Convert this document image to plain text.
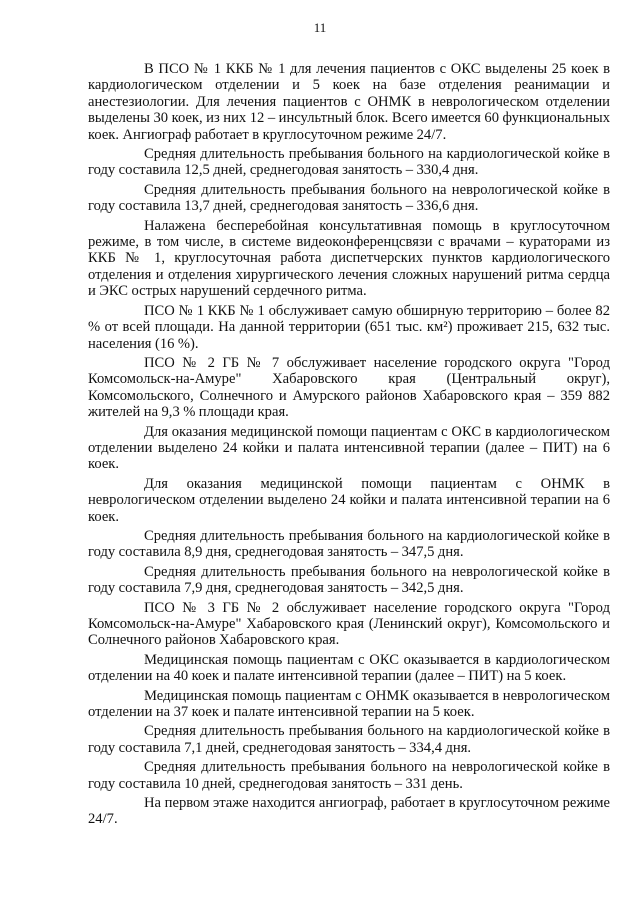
11

В ПСО № 1 ККБ № 1 для лечения пациентов с ОКС выделены 25 коек в кардиологическом отделении и 5 коек на базе отделения реанимации и анестезиологии. Для лечения пациентов с ОНМК в неврологическом отделении выделены 30 коек, из них 12 – инсультный блок. Всего имеется 60 функциональных коек. Ангиограф работает в круглосуточном режиме 24/7.

Средняя длительность пребывания больного на кардиологической койке в году составила 12,5 дней, среднегодовая занятость – 330,4 дня.

Средняя длительность пребывания больного на неврологической койке в году составила 13,7 дней, среднегодовая занятость – 336,6 дня.

Налажена бесперебойная консультативная помощь в круглосуточном режиме, в том числе, в системе видеоконференцсвязи с врачами – кураторами из ККБ № 1, круглосуточная работа диспетчерских пунктов кардиологического отделения и отделения хирургического лечения сложных нарушений ритма сердца и ЭКС острых нарушений сердечного ритма.

ПСО № 1 ККБ № 1 обслуживает самую обширную территорию – более 82 % от всей площади. На данной территории (651 тыс. км²) проживает 215, 632 тыс. населения (16 %).

ПСО № 2 ГБ № 7 обслуживает население городского округа "Город Комсомольск-на-Амуре" Хабаровского края (Центральный округ), Комсомольского, Солнечного и Амурского районов Хабаровского края – 359 882 жителей на 9,3 % площади края.

Для оказания медицинской помощи пациентам с ОКС в кардиологическом отделении выделено 24 койки и палата интенсивной терапии (далее – ПИТ) на 6 коек.

Для оказания медицинской помощи пациентам с ОНМК в неврологическом отделении выделено 24 койки и палата интенсивной терапии на 6 коек.

Средняя длительность пребывания больного на кардиологической койке в году составила 8,9 дня, среднегодовая занятость – 347,5 дня.

Средняя длительность пребывания больного на неврологической койке в году составила 7,9 дня, среднегодовая занятость – 342,5 дня.

ПСО № 3 ГБ № 2 обслуживает население городского округа "Город Комсомольск-на-Амуре" Хабаровского края (Ленинский округ), Комсомольского и Солнечного районов Хабаровского края.

Медицинская помощь пациентам с ОКС оказывается в кардиологическом отделении на 40 коек и палате интенсивной терапии (далее – ПИТ) на 5 коек.

Медицинская помощь пациентам с ОНМК оказывается в неврологическом отделении на 37 коек и палате интенсивной терапии на 5 коек.

Средняя длительность пребывания больного на кардиологической койке в году составила 7,1 дней, среднегодовая занятость – 334,4 дня.

Средняя длительность пребывания больного на неврологической койке в году составила 10 дней, среднегодовая занятость – 331 день.

На первом этаже находится ангиограф, работает в круглосуточном режиме 24/7.
